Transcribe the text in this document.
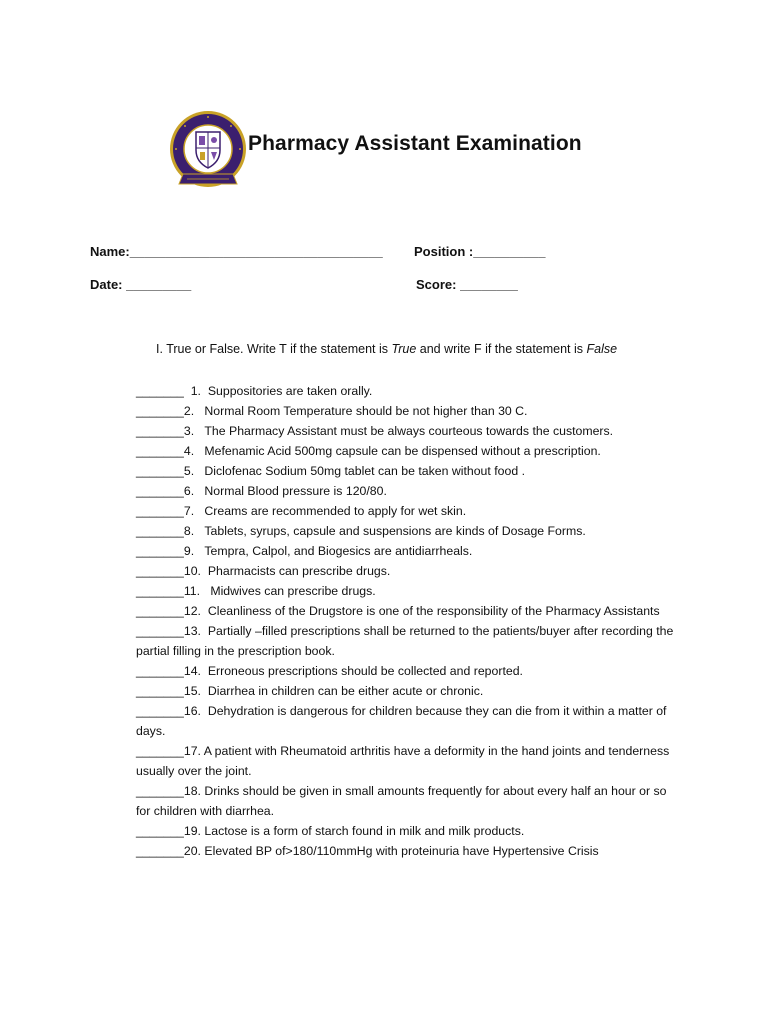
Pharmacy Assistant Examination
Name:___________________________________ Position :__________
Date: _________	Score: ________
I. True or False. Write T if the statement is True and write F if the statement is False
_______  1. Suppositories are taken orally.
_______2. Normal Room Temperature should be not higher than 30 C.
_______3. The Pharmacy Assistant must be always courteous towards the customers.
_______4. Mefenamic Acid 500mg capsule can be dispensed without a prescription.
_______5. Diclofenac Sodium 50mg tablet can be taken without food .
_______6. Normal Blood pressure is 120/80.
_______7. Creams are recommended to apply for wet skin.
_______8. Tablets, syrups, capsule and suspensions are kinds of Dosage Forms.
_______9. Tempra, Calpol, and Biogesics are antidiarrheals.
_______10. Pharmacists can prescribe drugs.
_______11.   Midwives can prescribe drugs.
_______12. Cleanliness of the Drugstore is one of the responsibility of the Pharmacy Assistants
_______13. Partially –filled prescriptions shall be returned to the patients/buyer after recording the partial filling in the prescription book.
_______14. Erroneous prescriptions should be collected and reported.
_______15. Diarrhea in children can be either acute or chronic.
_______16. Dehydration is dangerous for children because they can die from it within a matter of days.
_______17. A patient with Rheumatoid arthritis have a deformity in the hand joints and tenderness usually over the joint.
_______18. Drinks should be given in small amounts frequently for about every half an hour or so for children with diarrhea.
_______19. Lactose is a form of starch found in milk and milk products.
_______20. Elevated BP of>180/110mmHg with proteinuria have Hypertensive Crisis
